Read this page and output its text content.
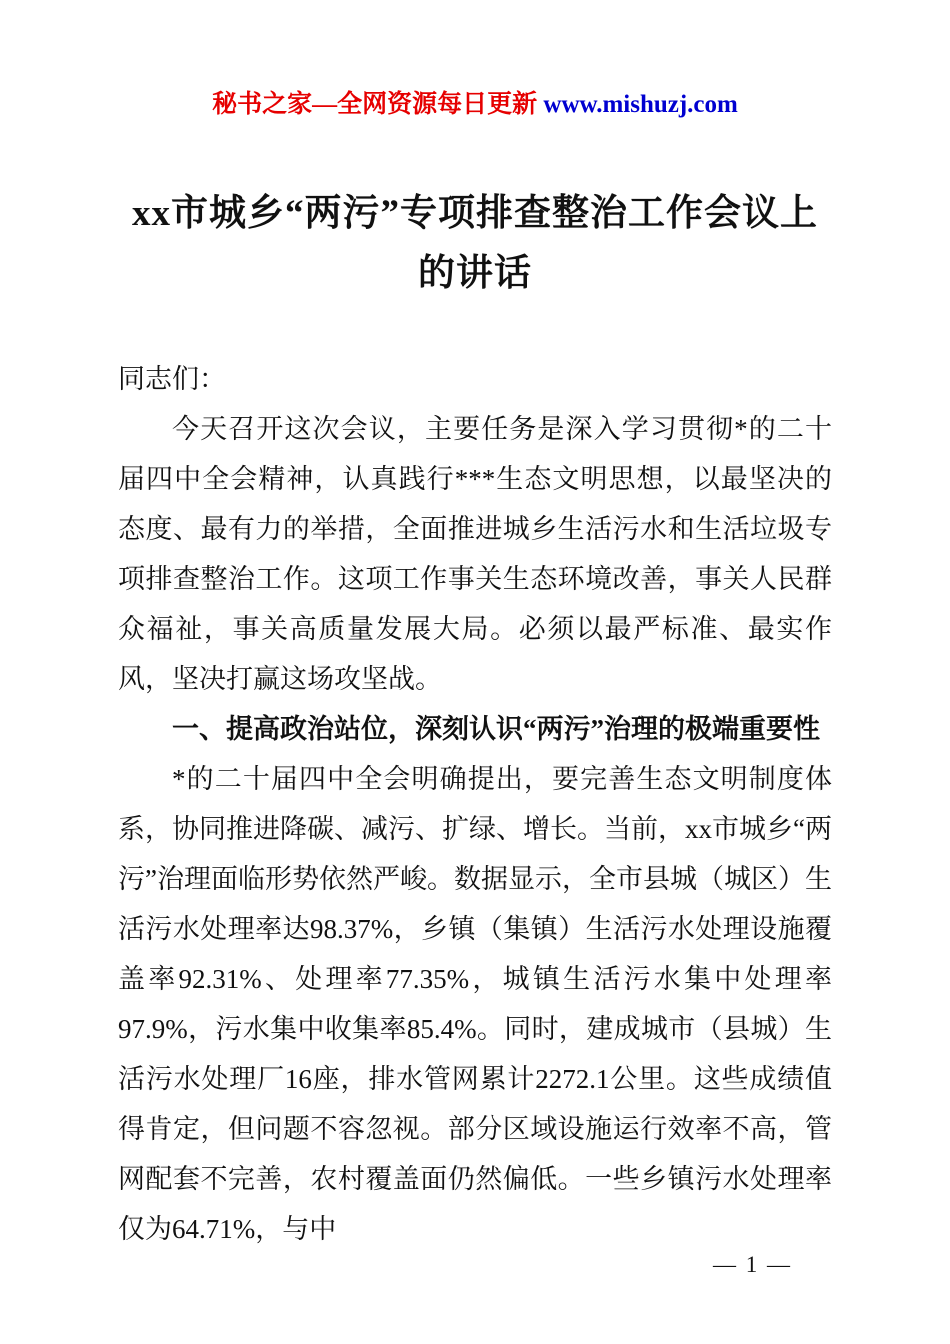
秘书之家—全网资源每日更新 www.mishuzj.com
xx市城乡“两污”专项排查整治工作会议上的讲话

同志们：

今天召开这次会议，主要任务是深入学习贯彻*的二十届四中全会精神，认真践行***生态文明思想，以最坚决的态度、最有力的举措，全面推进城乡生活污水和生活垃圾专项排查整治工作。这项工作事关生态环境改善，事关人民群众福祉，事关高质量发展大局。必须以最严标准、最实作风，坚决打赢这场攻坚战。

一、提高政治站位，深刻认识“两污”治理的极端重要性

*的二十届四中全会明确提出，要完善生态文明制度体系，协同推进降碳、减污、扩绿、增长。当前，xx市城乡“两污”治理面临形势依然严峻。数据显示，全市县城（城区）生活污水处理率达98.37%，乡镇（集镇）生活污水处理设施覆盖率92.31%、处理率77.35%，城镇生活污水集中处理率97.9%，污水集中收集率85.4%。同时，建成城市（县城）生活污水处理厂16座，排水管网累计2272.1公里。这些成绩值得肯定，但问题不容忽视。部分区域设施运行效率不高，管网配套不完善，农村覆盖面仍然偏低。一些乡镇污水处理率仅为64.71%，与中

— 1 —
